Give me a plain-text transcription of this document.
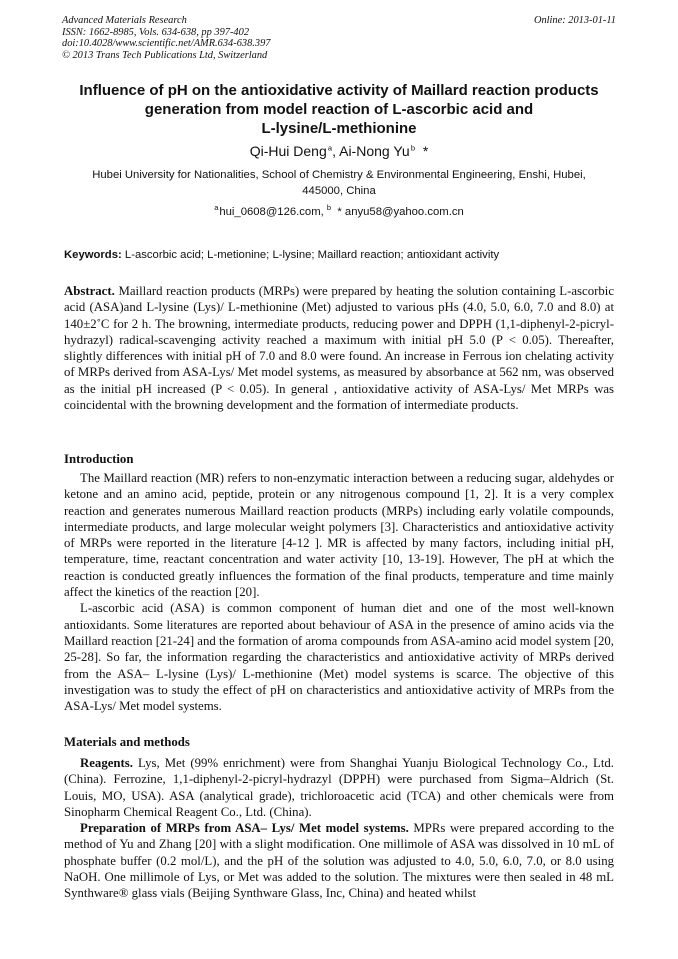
Advanced Materials Research
ISSN: 1662-8985, Vols. 634-638, pp 397-402
doi:10.4028/www.scientific.net/AMR.634-638.397
© 2013 Trans Tech Publications Ltd, Switzerland
Online: 2013-01-11
Influence of pH on the antioxidative activity of Maillard reaction products
generation from model reaction of L-ascorbic acid and
L-lysine/L-methionine
Qi-Hui Deng $^a$, Ai-Nong Yu $^b$ *
Hubei University for Nationalities, School of Chemistry & Environmental Engineering, Enshi, Hubei,
445000, China
$^a$ hui_0608@126.com, $^b$ * anyu58@yahoo.com.cn
Keywords: L-ascorbic acid; L-metionine; L-lysine; Maillard reaction; antioxidant activity

Abstract. Maillard reaction products (MRPs) were prepared by heating the solution containing L-ascorbic acid (ASA)and L-lysine (Lys)/ L-methionine (Met) adjusted to various pHs (4.0, 5.0, 6.0, 7.0 and 8.0) at 140±2˚C for 2 h. The browning, intermediate products, reducing power and DPPH (1,1-diphenyl-2-picryl-hydrazyl) radical-scavenging activity reached a maximum with initial pH 5.0 (P < 0.05). Thereafter, slightly differences with initial pH of 7.0 and 8.0 were found. An increase in Ferrous ion chelating activity of MRPs derived from ASA-Lys/ Met model systems, as measured by absorbance at 562 nm, was observed as the initial pH increased (P < 0.05). In general , antioxidative activity of ASA-Lys/ Met MRPs was coincidental with the browning development and the formation of intermediate products.

Introduction

The Maillard reaction (MR) refers to non-enzymatic interaction between a reducing sugar, aldehydes or ketone and an amino acid, peptide, protein or any nitrogenous compound [1, 2]. It is a very complex reaction and generates numerous Maillard reaction products (MRPs) including early volatile compounds, intermediate products, and large molecular weight polymers [3]. Characteristics and antioxidative activity of MRPs were reported in the literature [4-12 ]. MR is affected by many factors, including initial pH, temperature, time, reactant concentration and water activity [10, 13-19]. However, The pH at which the reaction is conducted greatly influences the formation of the final products, temperature and time mainly affect the kinetics of the reaction [20].

L-ascorbic acid (ASA) is common component of human diet and one of the most well-known antioxidants. Some literatures are reported about behaviour of ASA in the presence of amino acids via the Maillard reaction [21-24] and the formation of aroma compounds from ASA-amino acid model system [20, 25-28]. So far, the information regarding the characteristics and antioxidative activity of MRPs derived from the ASA– L-lysine (Lys)/ L-methionine (Met) model systems is scarce. The objective of this investigation was to study the effect of pH on characteristics and antioxidative activity of MRPs from the ASA-Lys/ Met model systems.

Materials and methods

Reagents. Lys, Met (99% enrichment) were from Shanghai Yuanju Biological Technology Co., Ltd. (China). Ferrozine, 1,1-diphenyl-2-picryl-hydrazyl (DPPH) were purchased from Sigma–Aldrich (St. Louis, MO, USA). ASA (analytical grade), trichloroacetic acid (TCA) and other chemicals were from Sinopharm Chemical Reagent Co., Ltd. (China).

Preparation of MRPs from ASA– Lys/ Met model systems. MPRs were prepared according to the method of Yu and Zhang [20] with a slight modification. One millimole of ASA was dissolved in 10 mL of phosphate buffer (0.2 mol/L), and the pH of the solution was adjusted to 4.0, 5.0, 6.0, 7.0, or 8.0 using NaOH. One millimole of Lys, or Met was added to the solution. The mixtures were then sealed in 48 mL Synthware® glass vials (Beijing Synthware Glass, Inc, China) and heated whilst
